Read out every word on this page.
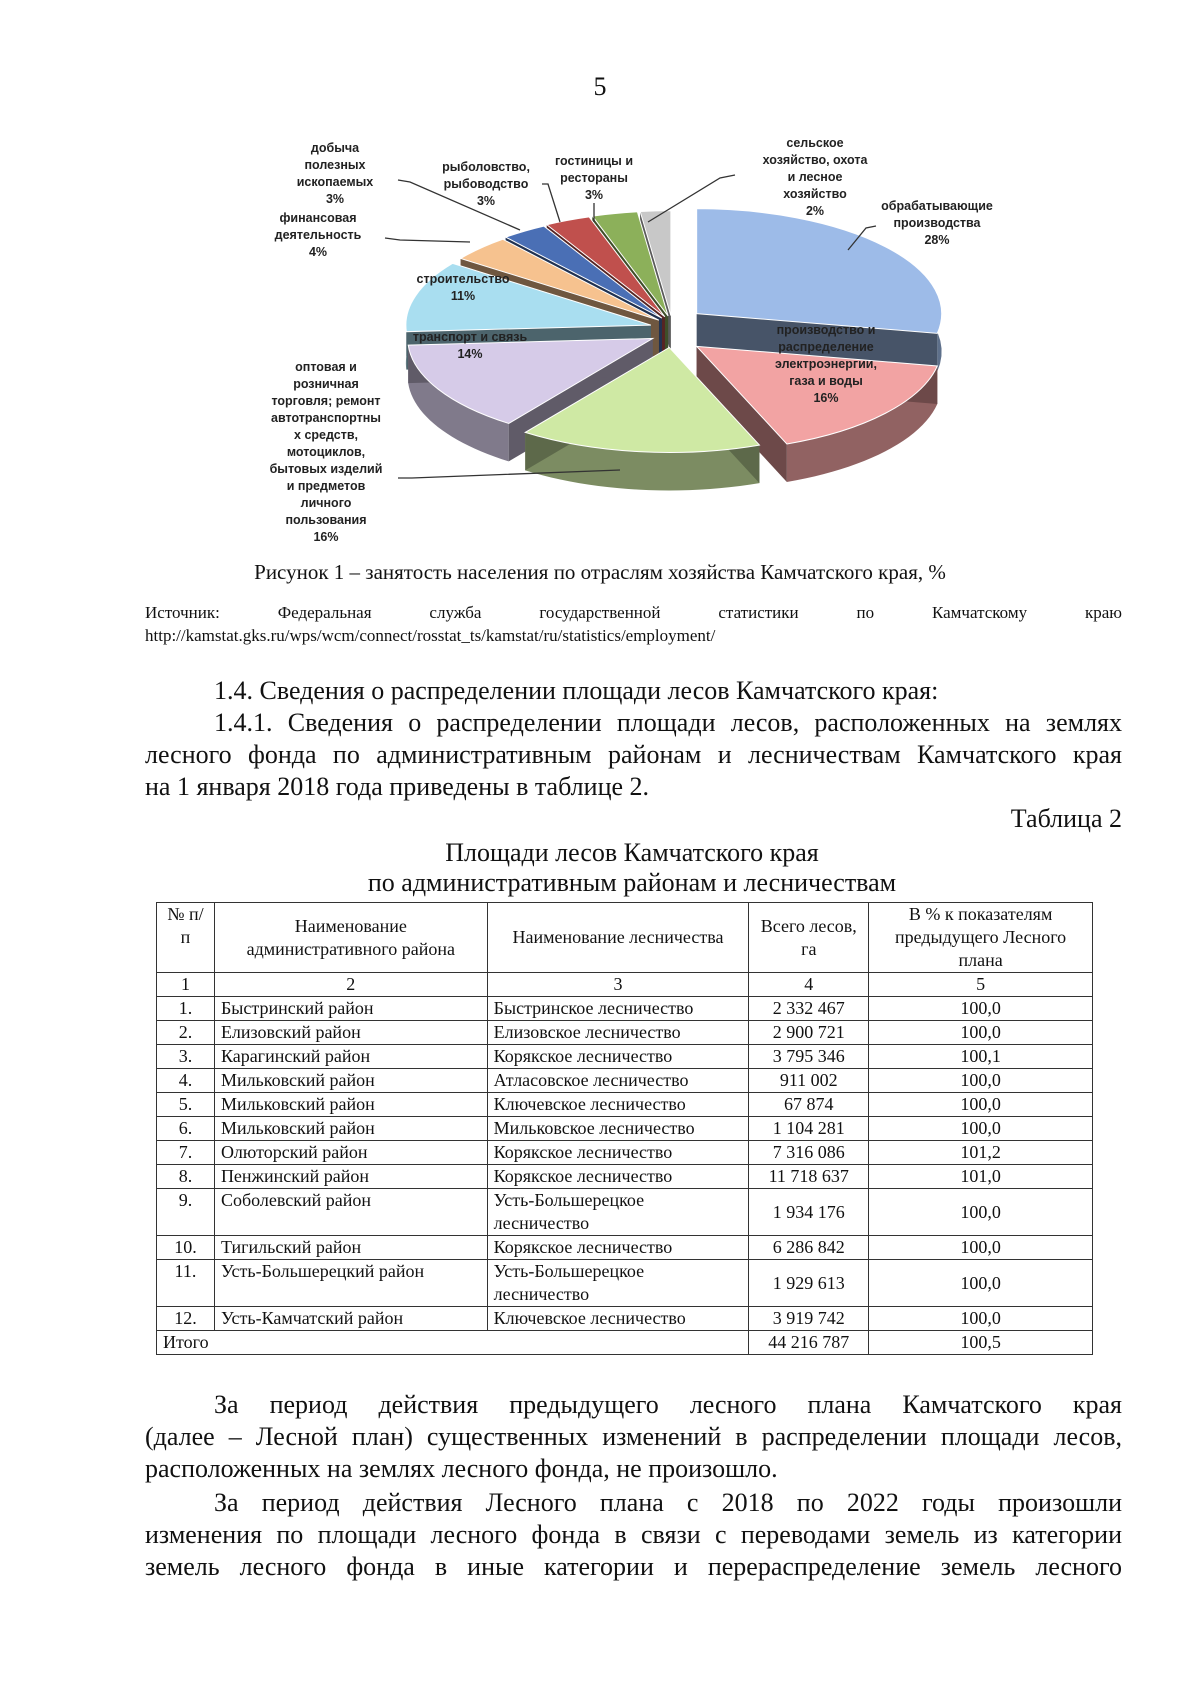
5
добыча
полезных
ископаемых
3%
финансовая
деятельность
4%
рыболовство,
рыбоводство
3%
гостиницы и
рестораны
3%
сельское
хозяйство, охота
и лесное
хозяйство
2%	обрабатывающие
производства
28%
строительство
11%
транспорт и связь
14%
производство и
распределение
электроэнергии,
газа и воды
16%
оптовая и
розничная
торговля; ремонт
автотранспортны
х средств,
мотоциклов,
бытовых изделий
и предметов
личного
пользования
16%
Рисунок 1 – занятость населения по отраслям хозяйства Камчатского края, %
Источник: Федеральная служба государственной статистики по Камчатскому краю
http://kamstat.gks.ru/wps/wcm/connect/rosstat_ts/kamstat/ru/statistics/employment/
1.4. Сведения о распределении площади лесов Камчатского края:
1.4.1. Сведения о распределении площади лесов, расположенных на землях
лесного фонда по административным районам и лесничествам Камчатского края
на 1 января 2018 года приведены в таблице 2.
Таблица 2
Площади лесов Камчатского края
по административным районам и лесничествам
№ п/п	Наименование административного района	Наименование лесничества	Всего лесов, га	В % к показателям предыдущего Лесного плана
1	2	3	4	5
1.	Быстринский район	Быстринское лесничество	2 332 467	100,0
2.	Елизовский район	Елизовское лесничество	2 900 721	100,0
3.	Карагинский район	Корякское лесничество	3 795 346	100,1
4.	Мильковский район	Атласовское лесничество	911 002	100,0
5.	Мильковский район	Ключевское лесничество	67 874	100,0
6.	Мильковский район	Мильковское лесничество	1 104 281	100,0
7.	Олюторский район	Корякское лесничество	7 316 086	101,2
8.	Пенжинский район	Корякское лесничество	11 718 637	101,0
9.	Соболевский район	Усть-Большерецкое лесничество	1 934 176	100,0
10.	Тигильский район	Корякское лесничество	6 286 842	100,0
11.	Усть-Большерецкий район	Усть-Большерецкое лесничество	1 929 613	100,0
12.	Усть-Камчатский район	Ключевское лесничество	3 919 742	100,0
Итого			44 216 787	100,5
За период действия предыдущего лесного плана Камчатского края
(далее – Лесной план) существенных изменений в распределении площади лесов,
расположенных на землях лесного фонда, не произошло.
За период действия Лесного плана с 2018 по 2022 годы произошли
изменения по площади лесного фонда в связи с переводами земель из категории
земель лесного фонда в иные категории и перераспределение земель лесного
